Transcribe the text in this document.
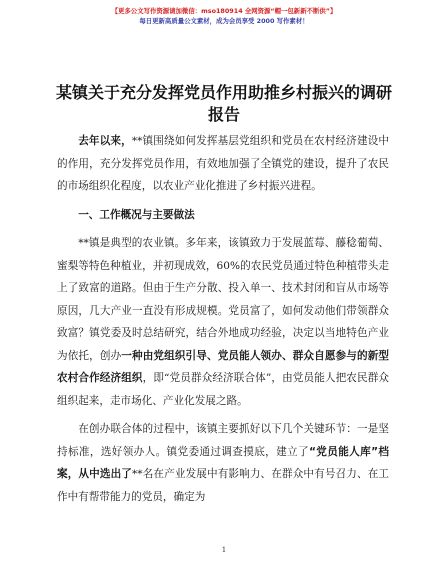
【更多公文写作资源请加微信：mso180914 全网资源“帽一包新新不断供”】
每日更新高质量公文素材，成为会员享受 2000 写作素材！
某镇关于充分发挥党员作用助推乡村振兴的调研报告

去年以来，**镇围绕如何发挥基层党组织和党员在农村经济建设中的作用，充分发挥党员作用，有效地加强了全镇党的建设，提升了农民的市场组织化程度，以农业产业化推进了乡村振兴进程。

一、工作概况与主要做法

**镇是典型的农业镇。多年来，该镇致力于发展蓝莓、藤稔葡萄、蜜梨等特色种植业，并初现成效，60%的农民党员通过特色种植带头走上了致富的道路。但由于生产分散、投入单一、技术封闭和盲从市场等原因，几大产业一直没有形成规模。党员富了，如何发动他们带领群众致富？镇党委及时总结研究，结合外地成功经验，决定以当地特色产业为依托，创办一种由党组织引导、党员能人领办、群众自愿参与的新型农村合作经济组织，即“党员群众经济联合体”，由党员能人把农民群众组织起来，走市场化、产业化发展之路。

在创办联合体的过程中，该镇主要抓好以下几个关键环节：一是坚持标准，选好领办人。镇党委通过调查摸底，建立了“党员能人库”档案，从中选出了**名在产业发展中有影响力、在群众中有号召力、在工作中有帮带能力的党员，确定为

1
